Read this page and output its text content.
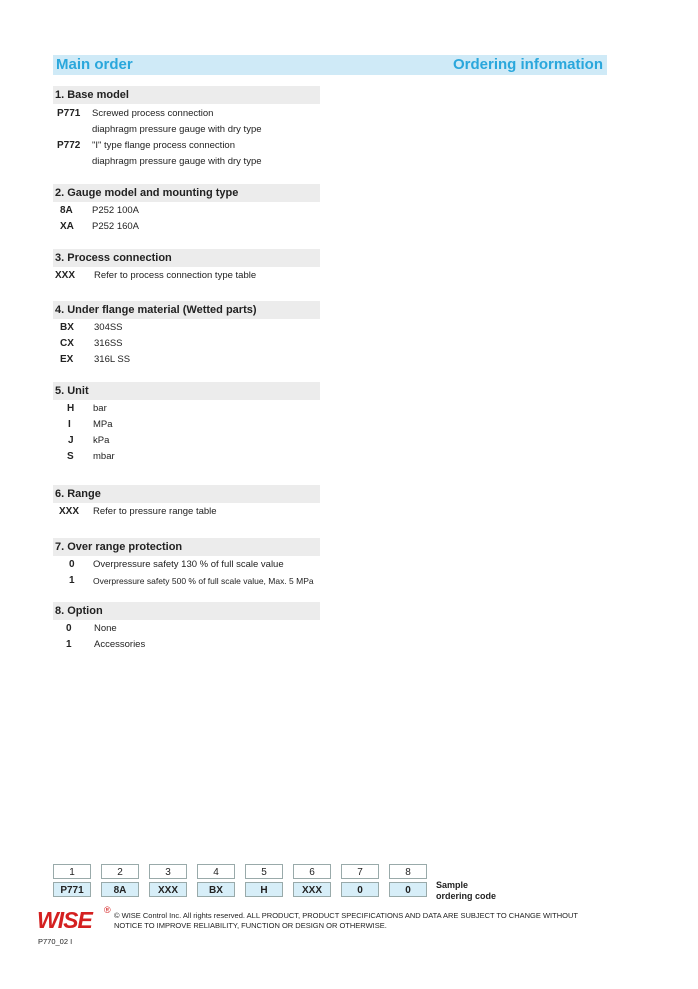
Main order	Ordering information
1. Base model
P771 Screwed process connection
diaphragm pressure gauge with dry type
P772 "I" type flange process connection
diaphragm pressure gauge with dry type
2. Gauge model and mounting type
8A P252 100A
XA P252 160A
3. Process connection
XXX Refer to process connection type table
4. Under flange material (Wetted parts)
BX 304SS
CX 316SS
EX 316L SS
5. Unit
H bar
I MPa
J kPa
S mbar
6. Range
XXX Refer to pressure range table
7. Over range protection
0 Overpressure safety 130 % of full scale value
1 Overpressure safety 500 % of full scale value, Max. 5 MPa
8. Option
0 None
1 Accessories
1	2	3	4	5	6	7	8
P771	8A	XXX	BX	H	XXX	0	0	Sample
ordering code
WISE ®
© WISE Control Inc. All rights reserved. ALL PRODUCT, PRODUCT SPECIFICATIONS AND DATA ARE SUBJECT TO CHANGE WITHOUT
NOTICE TO IMPROVE RELIABILITY, FUNCTION OR DESIGN OR OTHERWISE.
P770_02 I
